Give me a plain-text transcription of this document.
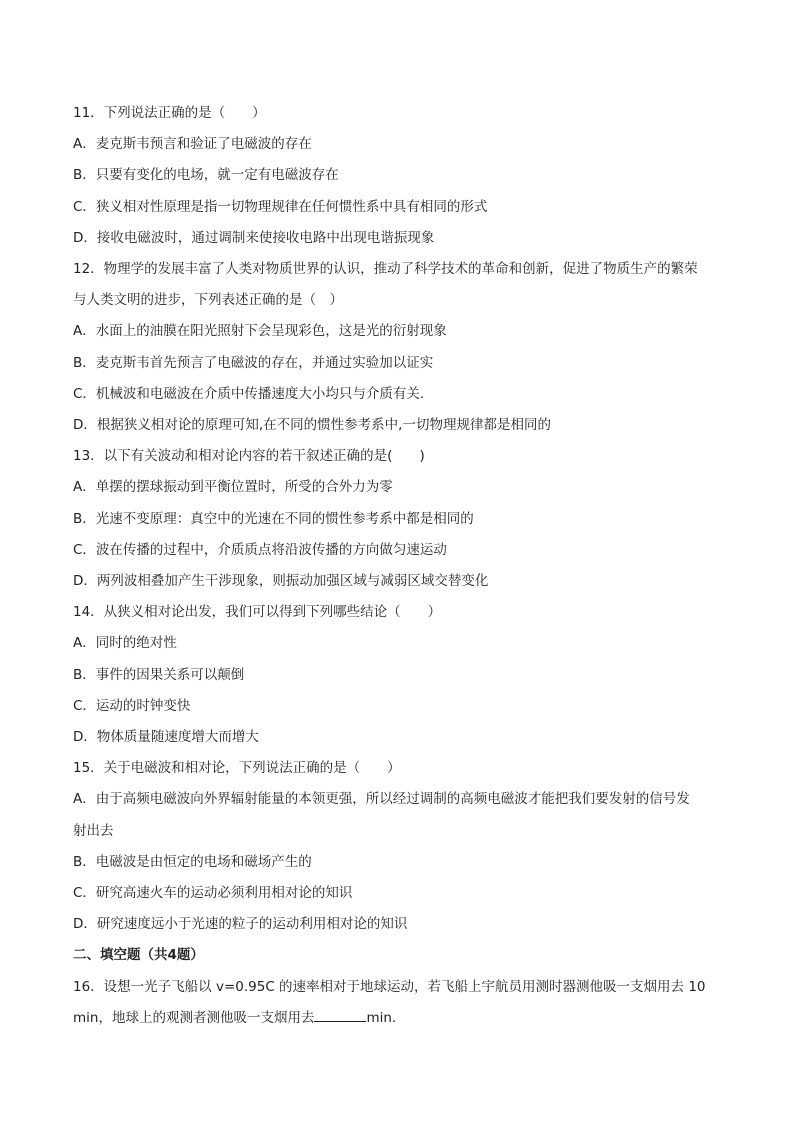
11．下列说法正确的是（　　）

A．麦克斯韦预言和验证了电磁波的存在

B．只要有变化的电场，就一定有电磁波存在

C．狭义相对性原理是指一切物理规律在任何惯性系中具有相同的形式

D．接收电磁波时，通过调制来使接收电路中出现电谐振现象

12．物理学的发展丰富了人类对物质世界的认识，推动了科学技术的革命和创新，促进了物质生产的繁荣

与人类文明的进步，下列表述正确的是（　）

A．水面上的油膜在阳光照射下会呈现彩色，这是光的衍射现象

B．麦克斯韦首先预言了电磁波的存在，并通过实验加以证实

C．机械波和电磁波在介质中传播速度大小均只与介质有关．

D．根据狭义相对论的原理可知,在不同的惯性参考系中,一切物理规律都是相同的

13．以下有关波动和相对论内容的若干叙述正确的是(　　)

A．单摆的摆球振动到平衡位置时，所受的合外力为零

B．光速不变原理：真空中的光速在不同的惯性参考系中都是相同的

C．波在传播的过程中，介质质点将沿波传播的方向做匀速运动

D．两列波相叠加产生干涉现象，则振动加强区域与减弱区域交替变化

14．从狭义相对论出发，我们可以得到下列哪些结论（　　）

A．同时的绝对性

B．事件的因果关系可以颠倒

C．运动的时钟变快

D．物体质量随速度增大而增大

15．关于电磁波和相对论，下列说法正确的是（　　）

A．由于高频电磁波向外界辐射能量的本领更强，所以经过调制的高频电磁波才能把我们要发射的信号发

射出去

B．电磁波是由恒定的电场和磁场产生的

C．研究高速火车的运动必须利用相对论的知识

D．研究速度远小于光速的粒子的运动利用相对论的知识

二、填空题（共4题）

16．设想一光子飞船以 v=0.95C 的速率相对于地球运动，若飞船上宇航员用测时器测他吸一支烟用去 10

min，地球上的观测者测他吸一支烟用去	min.
